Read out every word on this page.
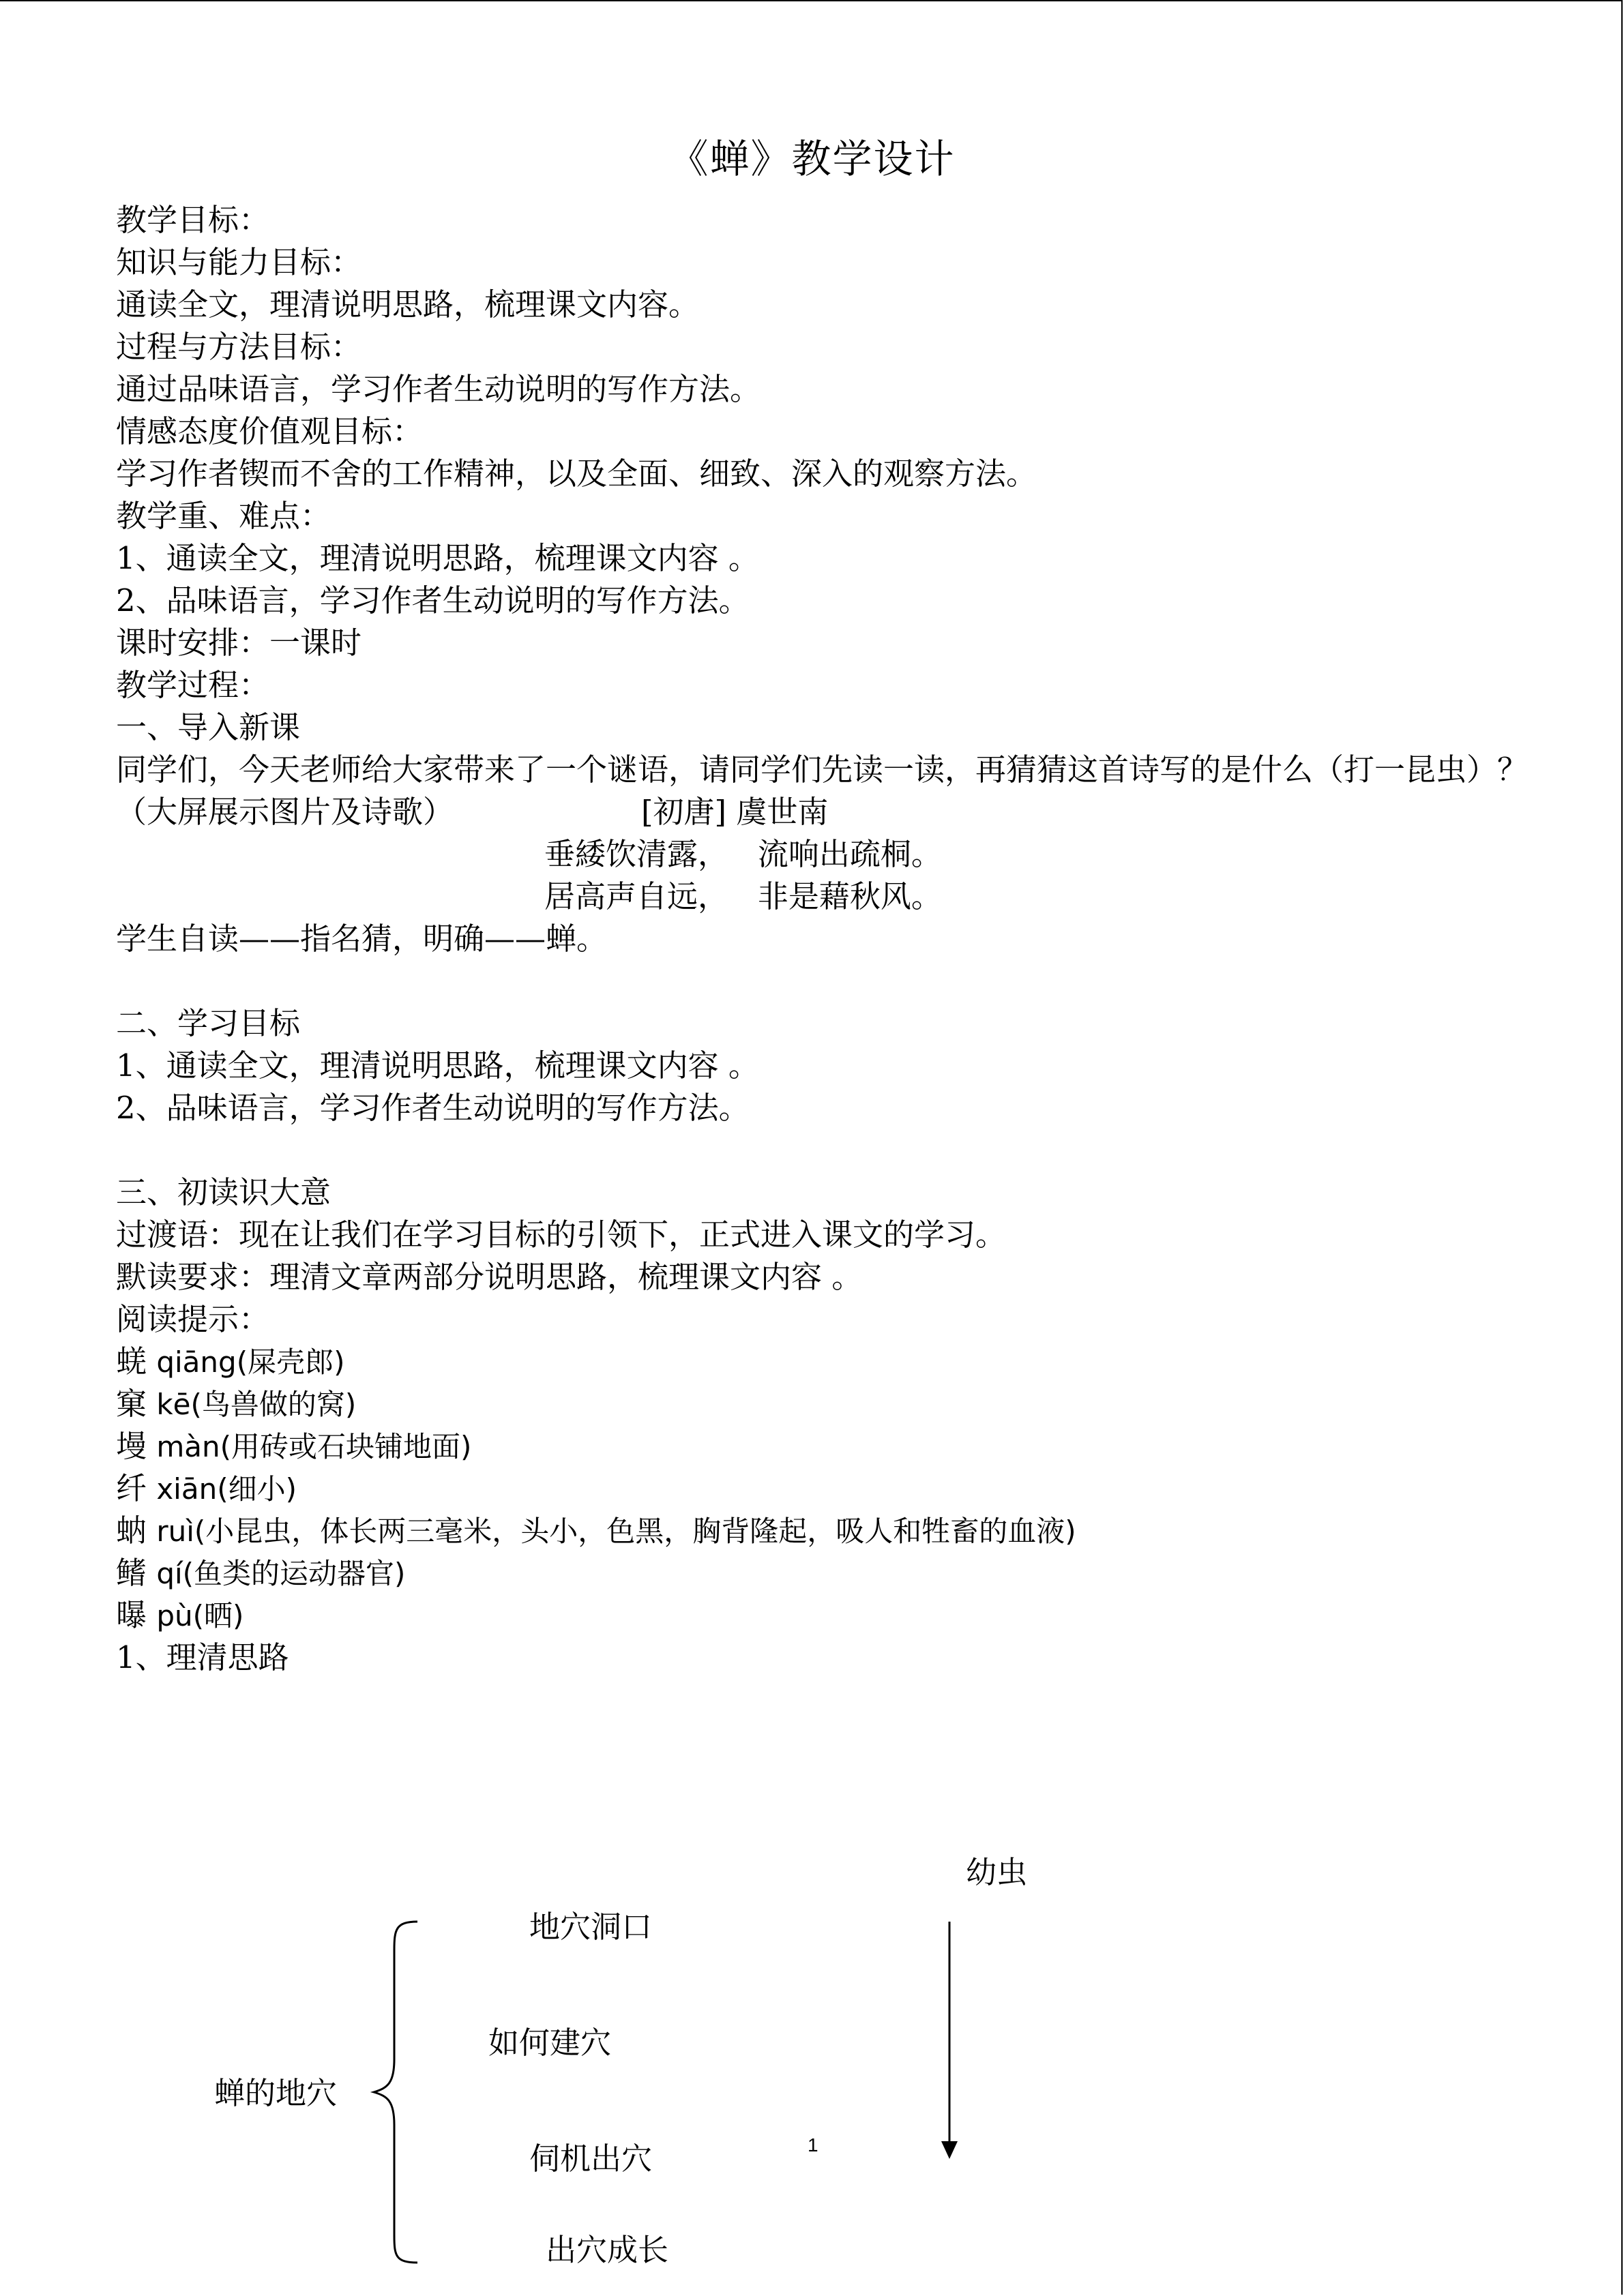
《蝉》教学设计
教学目标：
知识与能力目标：
通读全文，理清说明思路，梳理课文内容。
过程与方法目标：
通过品味语言，学习作者生动说明的写作方法。
情感态度价值观目标：
学习作者锲而不舍的工作精神，以及全面、细致、深入的观察方法。
教学重、难点：
1、通读全文，理清说明思路，梳理课文内容 。
2、品味语言，学习作者生动说明的写作方法。
课时安排：一课时
教学过程：
一、导入新课
同学们，今天老师给大家带来了一个谜语，请同学们先读一读，再猜猜这首诗写的是什么（打一昆虫）？
（大屏展示图片及诗歌）	[初唐] 虞世南
垂緌饮清露，   流响出疏桐。
居高声自远，   非是藉秋风。
学生自读——指名猜，明确——蝉。
二、学习目标
1、通读全文，理清说明思路，梳理课文内容 。
2、品味语言，学习作者生动说明的写作方法。
三、初读识大意
过渡语：现在让我们在学习目标的引领下，正式进入课文的学习。
默读要求：理清文章两部分说明思路，梳理课文内容 。
阅读提示：
蜣 qiāng(屎壳郎)
窠 kē(鸟兽做的窝)
墁 màn(用砖或石块铺地面)
纤 xiān(细小)
蚋 ruì(小昆虫，体长两三毫米，头小，色黑，胸背隆起，吸人和牲畜的血液)
鳍 qí(鱼类的运动器官)
曝 pù(晒)
1、理清思路
蝉的地穴
地穴洞口
如何建穴
伺机出穴
出穴成长
幼虫
1
